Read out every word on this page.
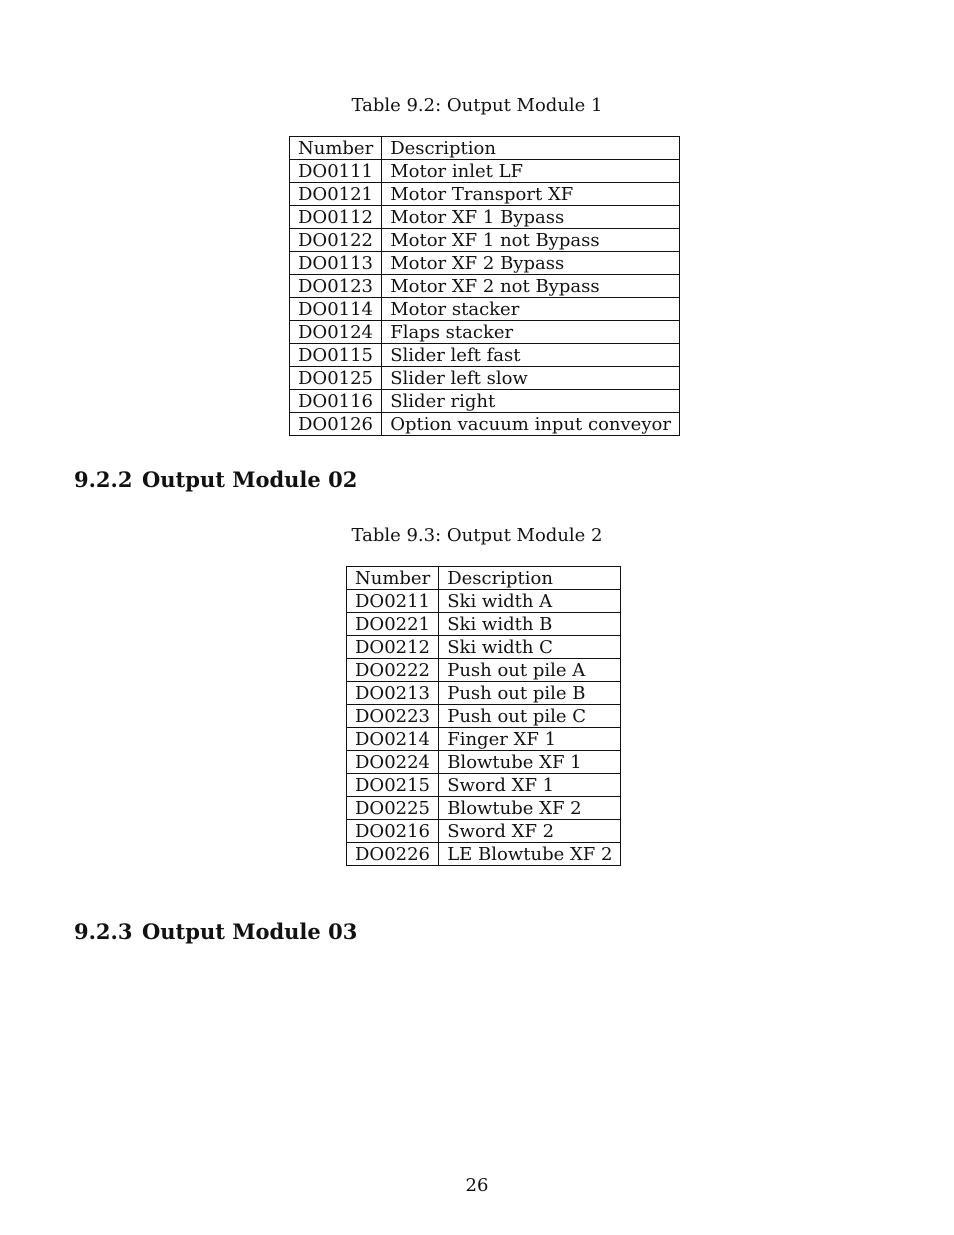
Table 9.2: Output Module 1
Number	Description
DO0111	Motor inlet LF
DO0121	Motor Transport XF
DO0112	Motor XF 1 Bypass
DO0122	Motor XF 1 not Bypass
DO0113	Motor XF 2 Bypass
DO0123	Motor XF 2 not Bypass
DO0114	Motor stacker
DO0124	Flaps stacker
DO0115	Slider left fast
DO0125	Slider left slow
DO0116	Slider right
DO0126	Option vacuum input conveyor
9.2.2 Output Module 02
Table 9.3: Output Module 2
Number	Description
DO0211	Ski width A
DO0221	Ski width B
DO0212	Ski width C
DO0222	Push out pile A
DO0213	Push out pile B
DO0223	Push out pile C
DO0214	Finger XF 1
DO0224	Blowtube XF 1
DO0215	Sword XF 1
DO0225	Blowtube XF 2
DO0216	Sword XF 2
DO0226	LE Blowtube XF 2
9.2.3 Output Module 03
26
